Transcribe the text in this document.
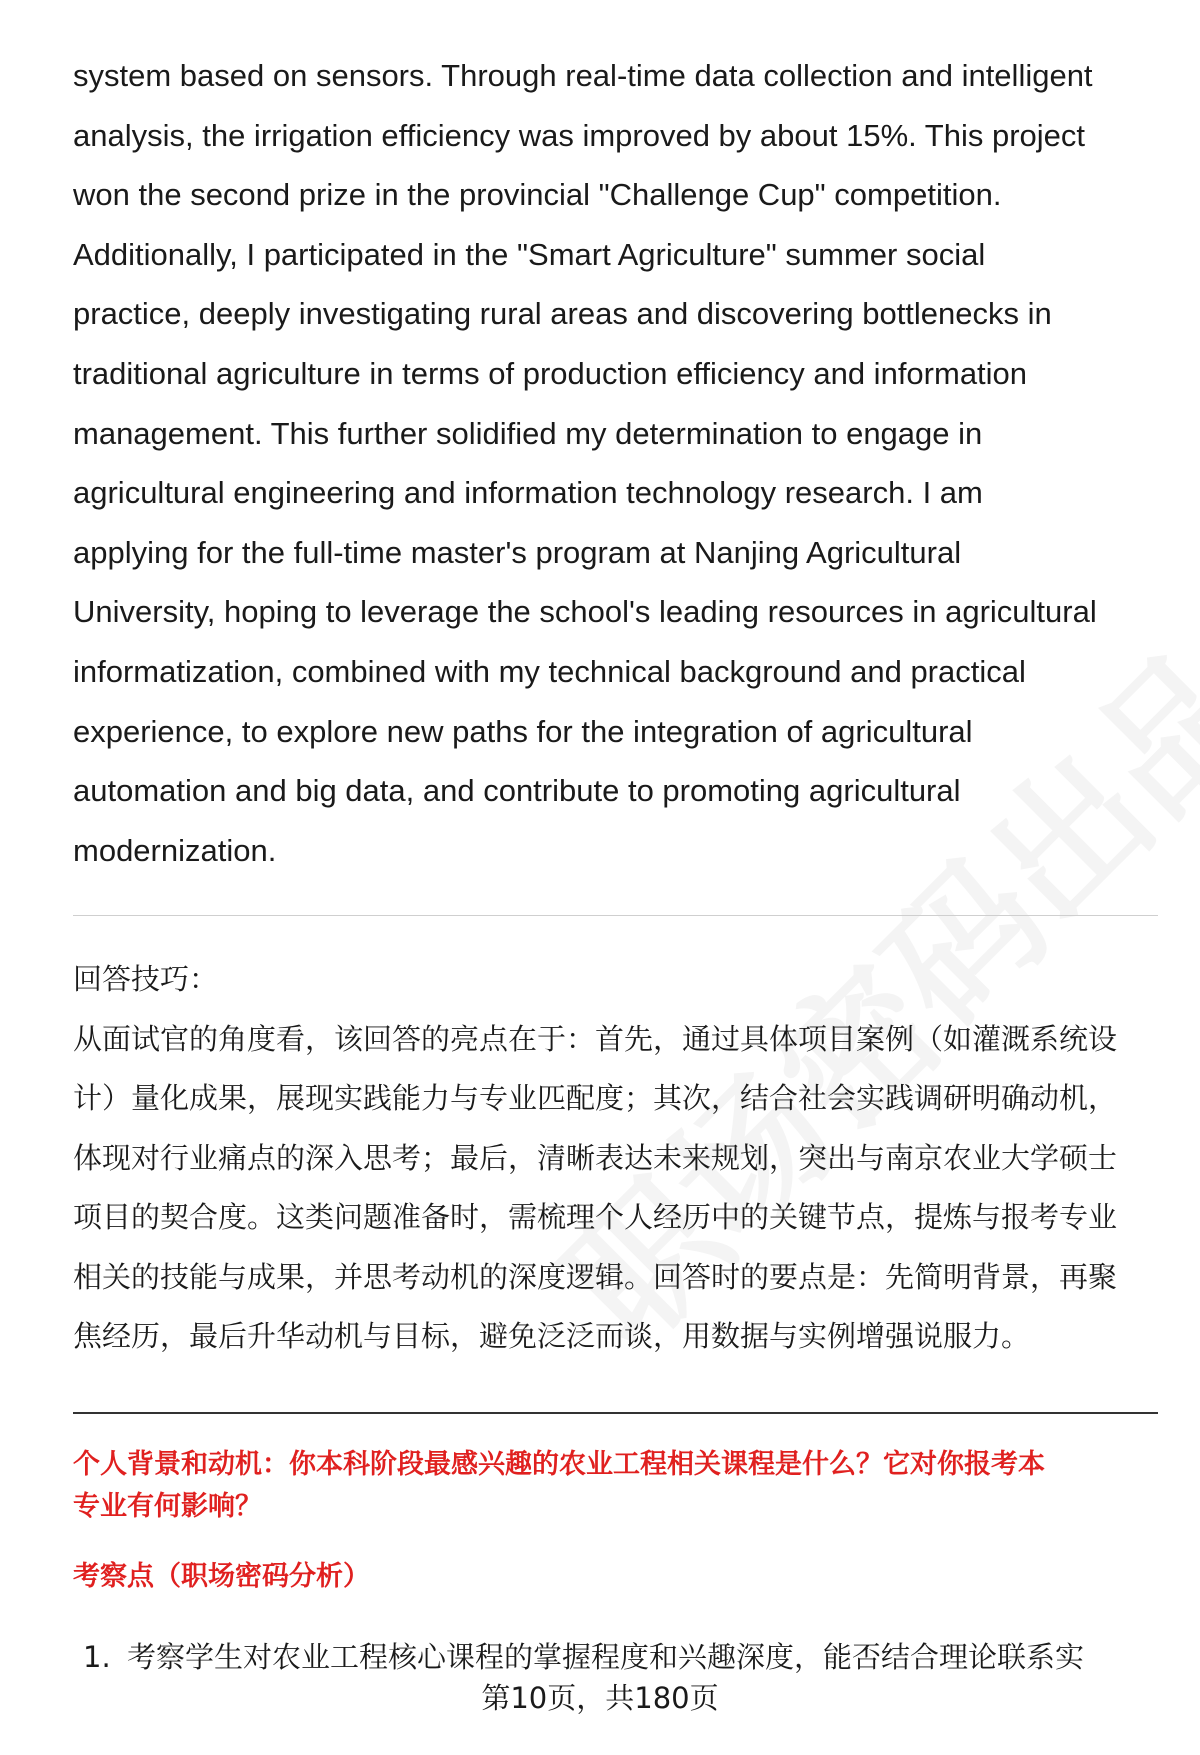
system based on sensors. Through real-time data collection and intelligent
analysis, the irrigation efficiency was improved by about 15%. This project
won the second prize in the provincial "Challenge Cup" competition.
Additionally, I participated in the "Smart Agriculture" summer social
practice, deeply investigating rural areas and discovering bottlenecks in
traditional agriculture in terms of production efficiency and information
management. This further solidified my determination to engage in
agricultural engineering and information technology research. I am
applying for the full-time master's program at Nanjing Agricultural
University, hoping to leverage the school's leading resources in agricultural
informatization, combined with my technical background and practical
experience, to explore new paths for the integration of agricultural
automation and big data, and contribute to promoting agricultural
modernization.
回答技巧：
从面试官的角度看，该回答的亮点在于：首先，通过具体项目案例（如灌溉系统设
计）量化成果，展现实践能力与专业匹配度；其次，结合社会实践调研明确动机，
体现对行业痛点的深入思考；最后，清晰表达未来规划，突出与南京农业大学硕士
项目的契合度。这类问题准备时，需梳理个人经历中的关键节点，提炼与报考专业
相关的技能与成果，并思考动机的深度逻辑。回答时的要点是：先简明背景，再聚
焦经历，最后升华动机与目标，避免泛泛而谈，用数据与实例增强说服力。
个人背景和动机：你本科阶段最感兴趣的农业工程相关课程是什么？它对你报考本
专业有何影响？
考察点（职场密码分析）
1. 考察学生对农业工程核心课程的掌握程度和兴趣深度，能否结合理论联系实
第10页，共180页
